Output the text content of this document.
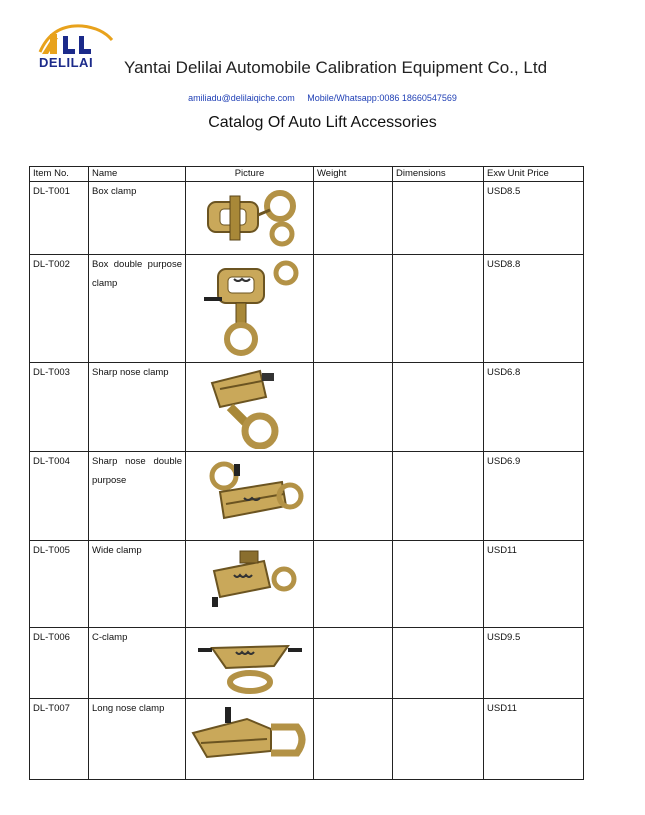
DELILAI Yantai Delilai Automobile Calibration Equipment Co., Ltd
amiliadu@delilaiqiche.com Mobile/Whatsapp:0086 18660547569
Catalog Of Auto Lift Accessories
Item No.	Name	Picture	Weight	Dimensions	Exw Unit Price
DL-T001	Box clamp				USD8.5
DL-T002	Box double purpose clamp				USD8.8
DL-T003	Sharp nose clamp				USD6.8
DL-T004	Sharp nose double purpose				USD6.9
DL-T005	Wide clamp				USD11
DL-T006	C-clamp				USD9.5
DL-T007	Long nose clamp				USD11
